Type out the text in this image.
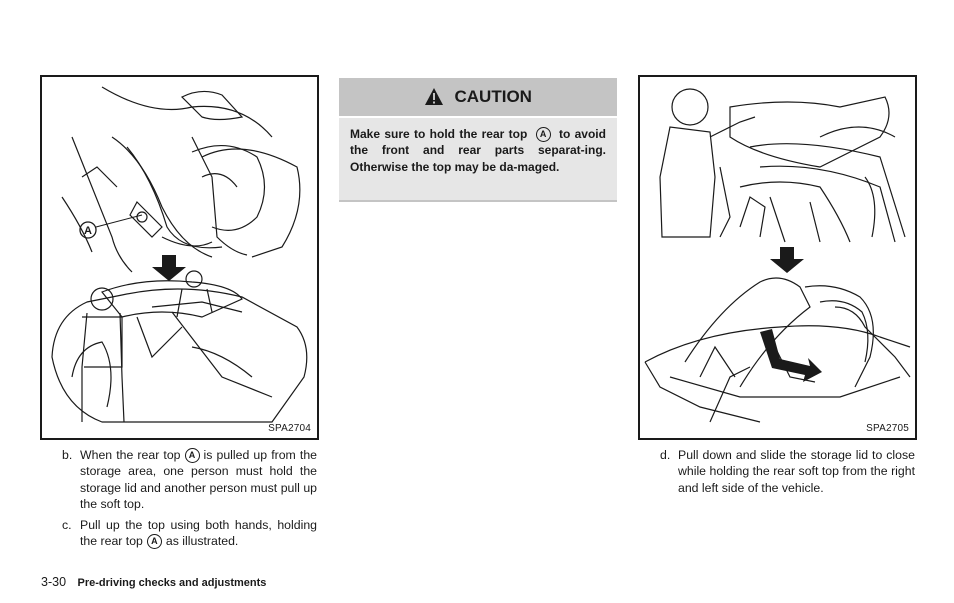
A
SPA2704
CAUTION
Make sure to hold the rear top A to avoid the front and rear parts separat-ing. Otherwise the top may be da-maged.
SPA2705
b. When the rear top A is pulled up from the storage area, one person must hold the storage lid and another person must pull up the soft top.
c. Pull up the top using both hands, holding the rear top A as illustrated.
d. Pull down and slide the storage lid to close while holding the rear soft top from the right and left side of the vehicle.
3-30 Pre-driving checks and adjustments
